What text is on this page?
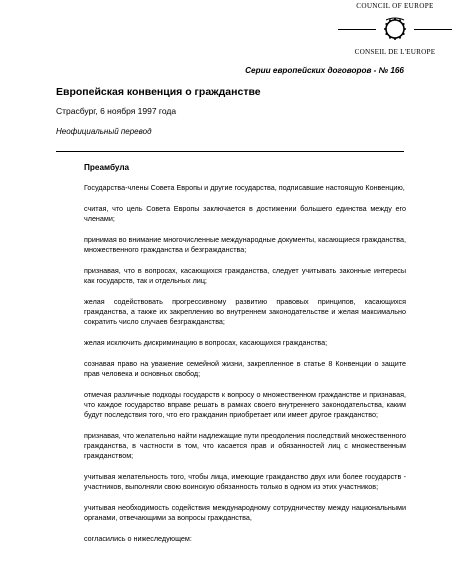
COUNCIL OF EUROPE
CONSEIL DE L'EUROPE
Серии европейских договоров - № 166
Европейская конвенция о гражданстве
Страсбург, 6 ноября 1997 года
Неофициальный перевод
Преамбула

Государства-члены Совета Европы и другие государства, подписавшие настоящую Конвенцию,

считая, что цель Совета Европы заключается в достижении большего единства между его членами;

принимая во внимание многочисленные международные документы, касающиеся гражданства, множественного гражданства и безгражданства;

признавая, что в вопросах, касающихся гражданства, следует учитывать законные интересы как государств, так и отдельных лиц;

желая содействовать прогрессивному развитию правовых принципов, касающихся гражданства, а также их закреплению во внутреннем законодательстве и желая максимально сократить число случаев безгражданства;

желая исключить дискриминацию в вопросах, касающихся гражданства;

сознавая право на уважение семейной жизни, закрепленное в статье 8 Конвенции о защите прав человека и основных свобод;

отмечая различные подходы государств к вопросу о множественном гражданстве и признавая, что каждое государство вправе решать в рамках своего внутреннего законодательства, каким будут последствия того, что его гражданин приобретает или имеет другое гражданство;

признавая, что желательно найти надлежащие пути преодоления последствий множественного гражданства, в частности в том, что касается прав и обязанностей лиц с множественным гражданством;

учитывая желательность того, чтобы лица, имеющие гражданство двух или более государств - участников, выполняли свою воинскую обязанность только в одном из этих участников;

учитывая необходимость содействия международному сотрудничеству между национальными органами, отвечающими за вопросы гражданства,

согласились о нижеследующем:
